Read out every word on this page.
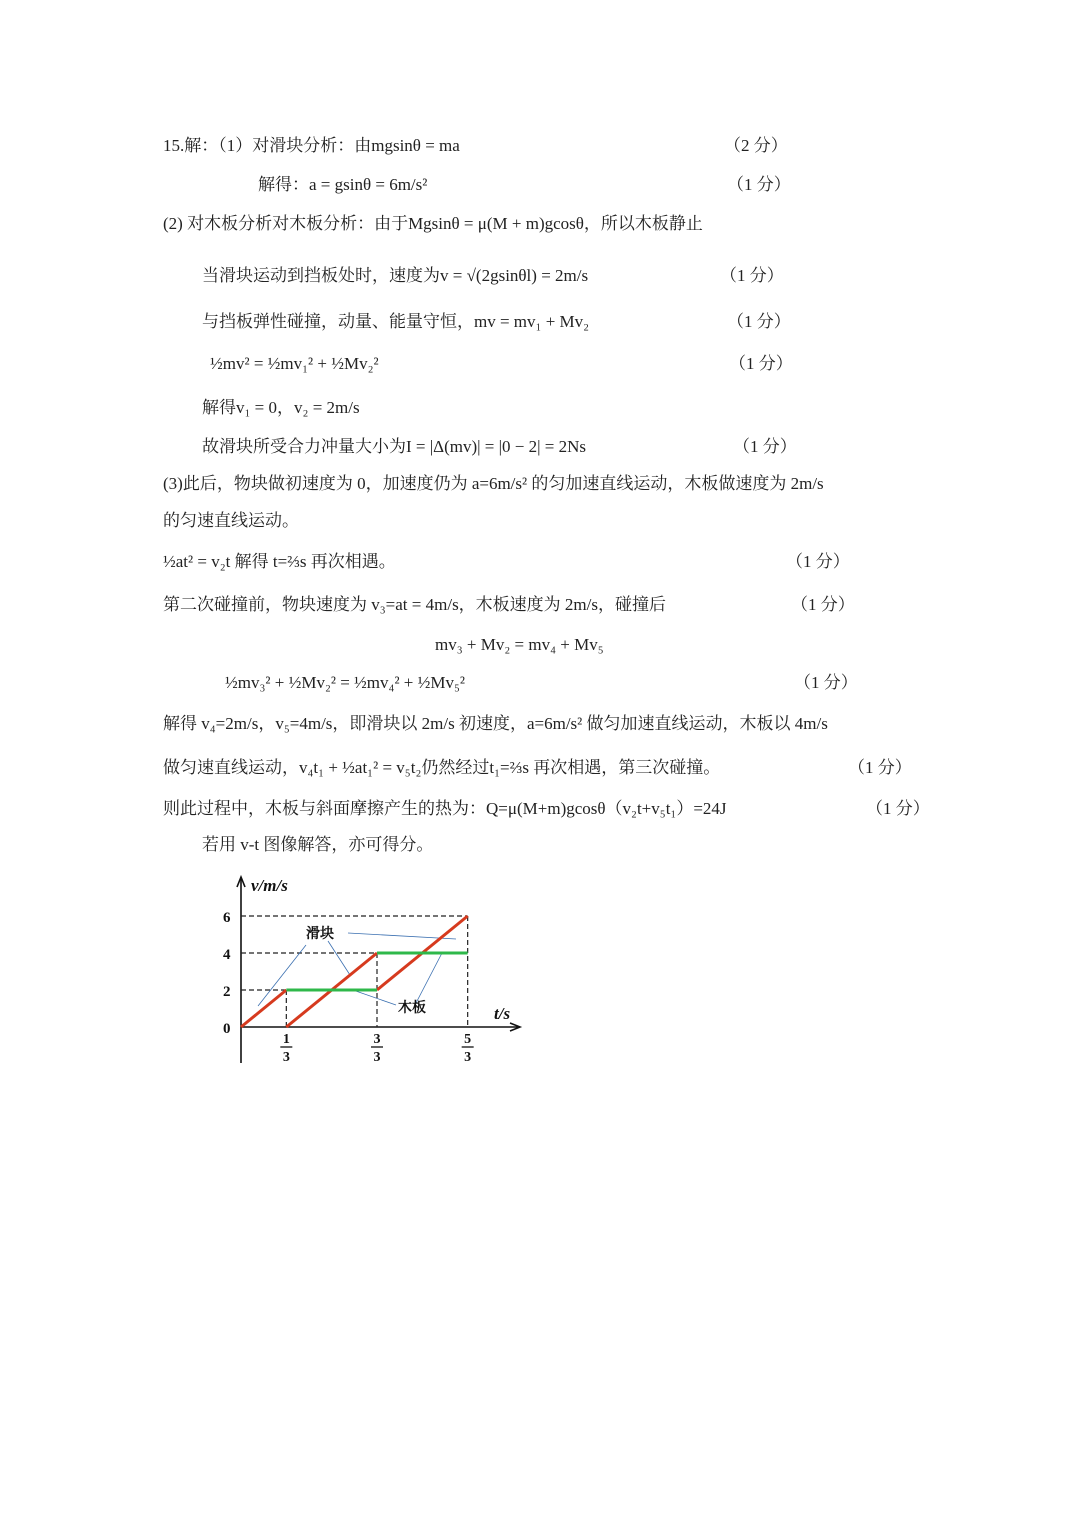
15.解：（1）对滑块分析：由mgsinθ = ma	（2 分）
解得：a = gsinθ = 6m/s²	（1 分）
(2) 对木板分析对木板分析：由于Mgsinθ = μ(M + m)gcosθ，所以木板静止
当滑块运动到挡板处时，速度为v = √(2gsinθl) = 2m/s	（1 分）
与挡板弹性碰撞，动量、能量守恒，mv = mv₁ + Mv₂	（1 分）
½mv² = ½mv₁² + ½Mv₂²	（1 分）
解得v₁ = 0，v₂ = 2m/s
故滑块所受合力冲量大小为I = |Δ(mv)| = |0 − 2| = 2Ns	（1 分）
(3)此后，物块做初速度为 0，加速度仍为 a=6m/s² 的匀加速直线运动，木板做速度为 2m/s
的匀速直线运动。
½at² = v₂t 解得 t=⅔s 再次相遇。	（1 分）
第二次碰撞前，物块速度为 v₃=at = 4m/s，木板速度为 2m/s，碰撞后	（1 分）
mv₃ + Mv₂ = mv₄ + Mv₅
½mv₃² + ½Mv₂² = ½mv₄² + ½Mv₅²	（1 分）
解得 v₄=2m/s，v₅=4m/s，即滑块以 2m/s 初速度，a=6m/s² 做匀加速直线运动，木板以 4m/s
做匀速直线运动，v₄t₁ + ½at₁² = v₅t₂仍然经过t₁=⅔s 再次相遇，第三次碰撞。	（1 分）
则此过程中，木板与斜面摩擦产生的热为：Q=μ(M+m)gcosθ（v₂t+v₅t₁）=24J	（1 分）
若用 v-t 图像解答，亦可得分。
v/m/s
t/s
0
2
4
6
1
3
3
3
5
3
滑块
木板
